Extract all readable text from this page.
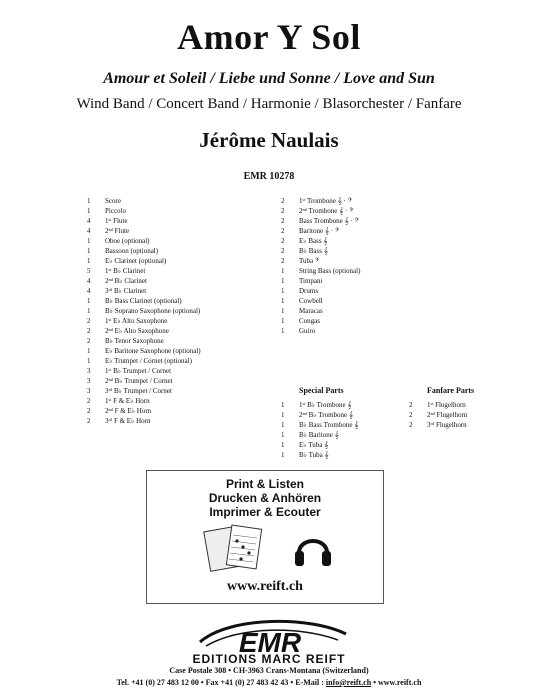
Amor Y Sol
Amour et Soleil / Liebe und Sonne / Love and Sun
Wind Band / Concert Band / Harmonie / Blasorchester / Fanfare
Jérôme Naulais
EMR 10278
1	Score
1	Piccolo
4	1ˢᵗ Flute
4	2ⁿᵈ Flute
1	Oboe (optional)
1	Bassoon (optional)
1	E♭ Clarinet (optional)
5	1ˢᵗ B♭ Clarinet
4	2ⁿᵈ B♭ Clarinet
4	3ʳᵈ B♭ Clarinet
1	B♭ Bass Clarinet (optional)
1	B♭ Soprano Saxophone (optional)
2	1ˢᵗ E♭ Alto Saxophone
2	2ⁿᵈ E♭ Alto Saxophone
2	B♭ Tenor Saxophone
1	E♭ Baritone Saxophone (optional)
1	E♭ Trumpet / Cornet (optional)
3	1ˢᵗ B♭ Trumpet / Cornet
3	2ⁿᵈ B♭ Trumpet / Cornet
3	3ʳᵈ B♭ Trumpet / Cornet
2	1ˢᵗ F & E♭ Horn
2	2ⁿᵈ F & E♭ Horn
2	3ʳᵈ F & E♭ Horn
2	1ˢᵗ Trombone 𝄞 · 𝄢
2	2ⁿᵈ Trombone 𝄞 · 𝄢
2	Bass Trombone 𝄞 · 𝄢
2	Baritone 𝄞 · 𝄢
2	E♭ Bass 𝄞
2	B♭ Bass 𝄞
2	Tuba 𝄢
1	String Bass (optional)
1	Timpani
1	Drums
1	Cowbell
1	Maracas
1	Congas
1	Guiro
Special Parts
1	1ˢᵗ B♭ Trombone 𝄞
1	2ⁿᵈ B♭ Trombone 𝄞
1	B♭ Bass Trombone 𝄞
1	B♭ Baritone 𝄞
1	E♭ Tuba 𝄞
1	B♭ Tuba 𝄞
Fanfare Parts
2	1ˢᵗ Flugelhorn
2	2ⁿᵈ Flugelhorn
2	3ʳᵈ Flugelhorn
Print & Listen
Drucken & Anhören
Imprimer & Ecouter
www.reift.ch
EMR
EDITIONS MARC REIFT
Case Postale 308 • CH-3963 Crans-Montana (Switzerland)
Tel. +41 (0) 27 483 12 00 • Fax +41 (0) 27 483 42 43 • E-Mail : info@reift.ch • www.reift.ch
